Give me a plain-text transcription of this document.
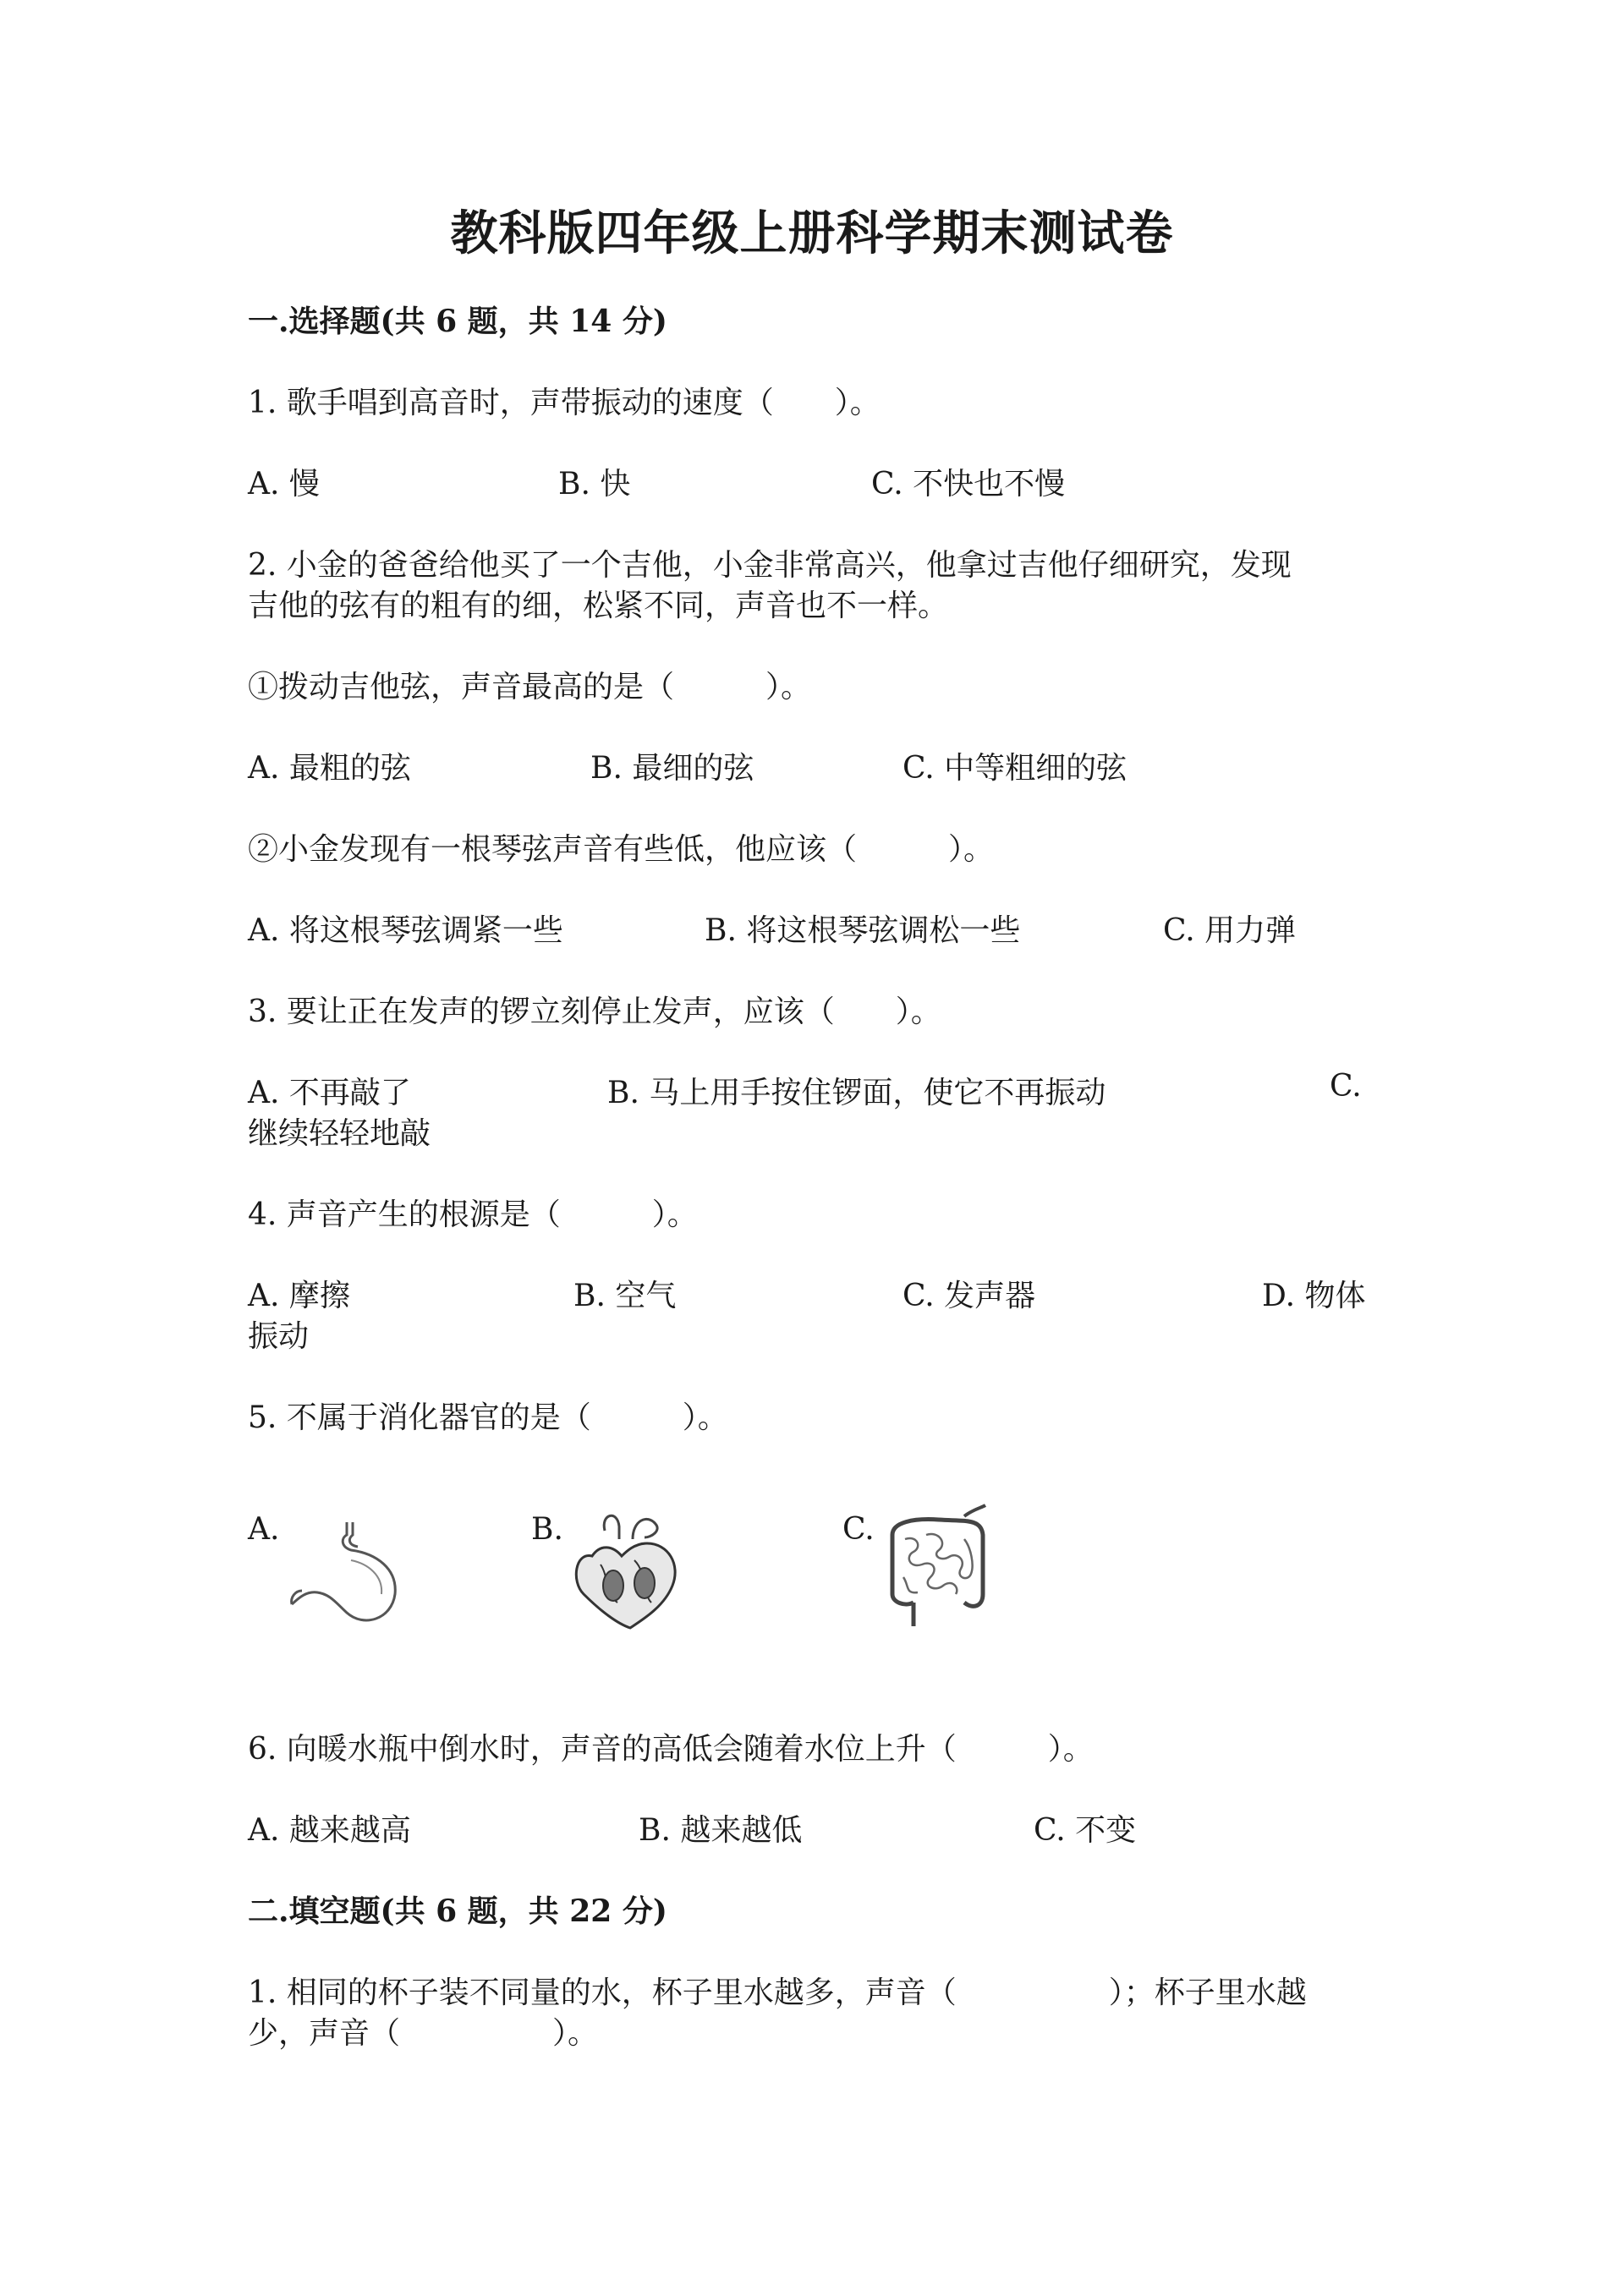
教科版四年级上册科学期末测试卷
一.选择题(共 6 题，共 14 分)
1. 歌手唱到高音时，声带振动的速度（　　）。
A. 慢	B. 快	C. 不快也不慢
2. 小金的爸爸给他买了一个吉他，小金非常高兴，他拿过吉他仔细研究，发现
吉他的弦有的粗有的细，松紧不同，声音也不一样。
①拨动吉他弦，声音最高的是（　　　）。
A. 最粗的弦	B. 最细的弦	C. 中等粗细的弦
②小金发现有一根琴弦声音有些低，他应该（　　　）。
A. 将这根琴弦调紧一些	B. 将这根琴弦调松一些	C. 用力弹
3. 要让正在发声的锣立刻停止发声，应该（　　）。
A. 不再敲了	B. 马上用手按住锣面，使它不再振动	C.
继续轻轻地敲
4. 声音产生的根源是（　　　）。
A. 摩擦	B. 空气	C. 发声器	D. 物体
振动
5. 不属于消化器官的是（　　　）。
A.	B.	C.
6. 向暖水瓶中倒水时，声音的高低会随着水位上升（　　　）。
A. 越来越高	B. 越来越低	C. 不变
二.填空题(共 6 题，共 22 分)
1. 相同的杯子装不同量的水，杯子里水越多，声音（　　　　　）；杯子里水越
少，声音（　　　　　）。
